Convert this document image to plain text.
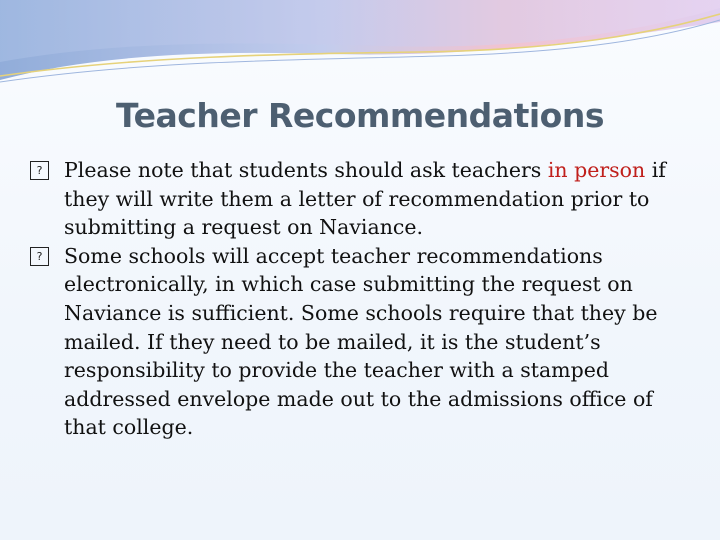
Teacher Recommendations

?	Please note that students should ask teachers in person if they will write them a letter of recommendation prior to submitting a request on Naviance.

?	Some schools will accept teacher recommendations electronically, in which case submitting the request on Naviance is sufficient. Some schools require that they be mailed. If they need to be mailed, it is the student’s responsibility to provide the teacher with a stamped addressed envelope made out to the admissions office of that college.
